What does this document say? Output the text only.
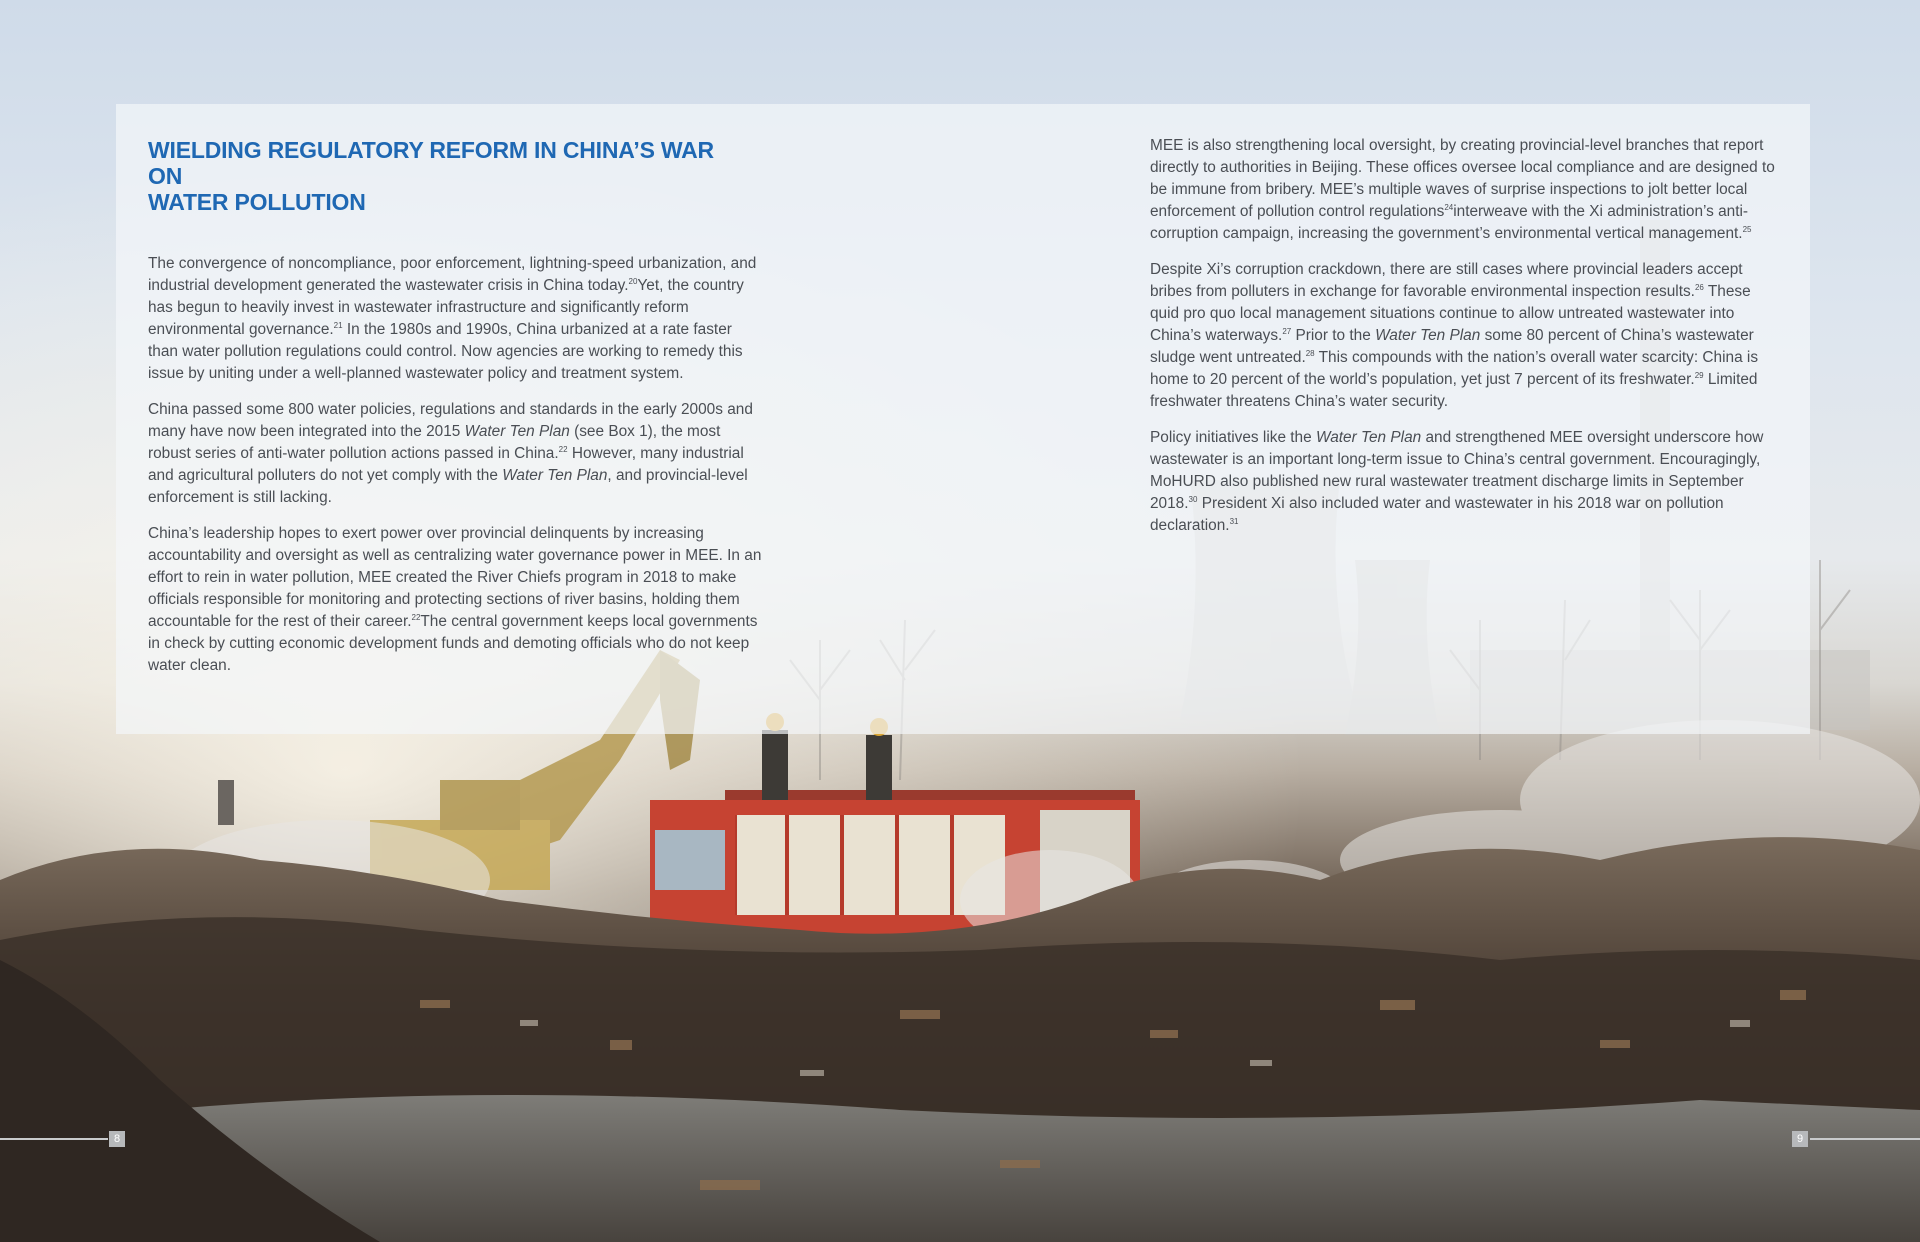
WIELDING REGULATORY REFORM IN CHINA’S WAR ON
WATER POLLUTION

The convergence of noncompliance, poor enforcement, lightning-speed urbanization, and industrial development generated the wastewater crisis in China today.$^{20}$Yet, the country has begun to heavily invest in wastewater infrastructure and significantly reform environmental governance.$^{21}$ In the 1980s and 1990s, China urbanized at a rate faster than water pollution regulations could control. Now agencies are working to remedy this issue by uniting under a well-planned wastewater policy and treatment system.

China passed some 800 water policies, regulations and standards in the early 2000s and many have now been integrated into the 2015 Water Ten Plan (see Box 1), the most robust series of anti-water pollution actions passed in China.$^{22}$ However, many industrial and agricultural polluters do not yet comply with the Water Ten Plan, and provincial-level enforcement is still lacking.

China’s leadership hopes to exert power over provincial delinquents by increasing accountability and oversight as well as centralizing water governance power in MEE. In an effort to rein in water pollution, MEE created the River Chiefs program in 2018 to make officials responsible for monitoring and protecting sections of river basins, holding them accountable for the rest of their career.$^{22}$The central government keeps local governments in check by cutting economic development funds and demoting officials who do not keep water clean.

MEE is also strengthening local oversight, by creating provincial-level branches that report directly to authorities in Beijing. These offices oversee local compliance and are designed to be immune from bribery. MEE’s multiple waves of surprise inspections to jolt better local enforcement of pollution control regulations$^{24}$interweave with the Xi administration’s anti-corruption campaign, increasing the government’s environmental vertical management.$^{25}$

Despite Xi’s corruption crackdown, there are still cases where provincial leaders accept bribes from polluters in exchange for favorable environmental inspection results.$^{26}$ These quid pro quo local management situations continue to allow untreated wastewater into China’s waterways.$^{27}$ Prior to the Water Ten Plan some 80 percent of China’s wastewater sludge went untreated.$^{28}$ This compounds with the nation’s overall water scarcity: China is home to 20 percent of the world’s population, yet just 7 percent of its freshwater.$^{29}$ Limited freshwater threatens China’s water security.

Policy initiatives like the Water Ten Plan and strengthened MEE oversight underscore how wastewater is an important long-term issue to China’s central government. Encouragingly, MoHURD also published new rural wastewater treatment discharge limits in September 2018.30 President Xi also included water and wastewater in his 2018 war on pollution declaration.$^{31}$

8	9
